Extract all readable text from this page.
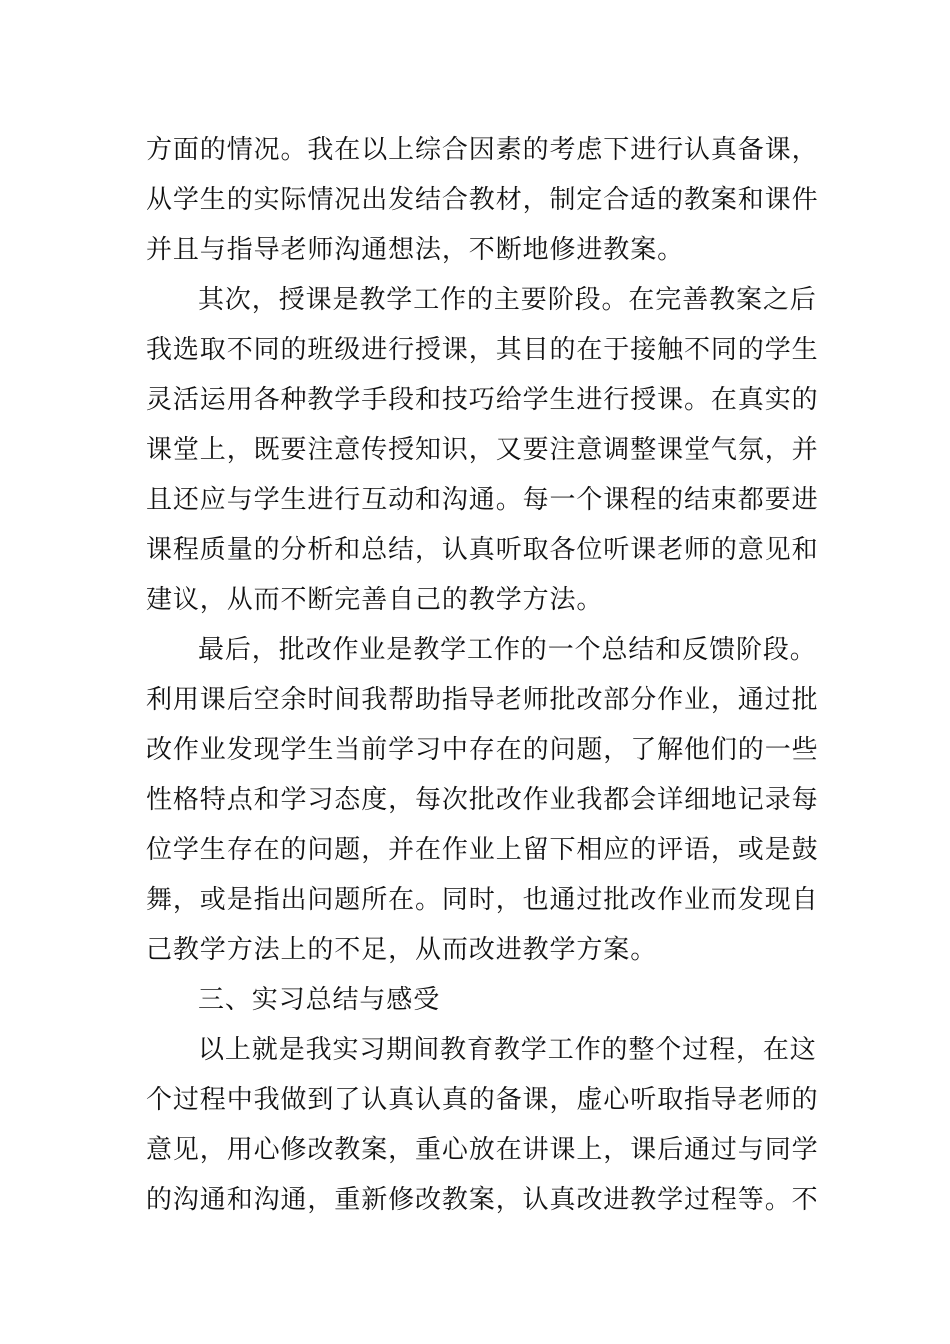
方面的情况。我在以上综合因素的考虑下进行认真备课，
从学生的实际情况出发结合教材，制定合适的教案和课件
并且与指导老师沟通想法，不断地修进教案。
其次，授课是教学工作的主要阶段。在完善教案之后
我选取不同的班级进行授课，其目的在于接触不同的学生
灵活运用各种教学手段和技巧给学生进行授课。在真实的
课堂上，既要注意传授知识，又要注意调整课堂气氛，并
且还应与学生进行互动和沟通。每一个课程的结束都要进
课程质量的分析和总结，认真听取各位听课老师的意见和
建议，从而不断完善自己的教学方法。
最后，批改作业是教学工作的一个总结和反馈阶段。
利用课后空余时间我帮助指导老师批改部分作业，通过批
改作业发现学生当前学习中存在的问题，了解他们的一些
性格特点和学习态度，每次批改作业我都会详细地记录每
位学生存在的问题，并在作业上留下相应的评语，或是鼓
舞，或是指出问题所在。同时，也通过批改作业而发现自
己教学方法上的不足，从而改进教学方案。
三、实习总结与感受
以上就是我实习期间教育教学工作的整个过程，在这
个过程中我做到了认真认真的备课，虚心听取指导老师的
意见，用心修改教案，重心放在讲课上，课后通过与同学
的沟通和沟通，重新修改教案，认真改进教学过程等。不
